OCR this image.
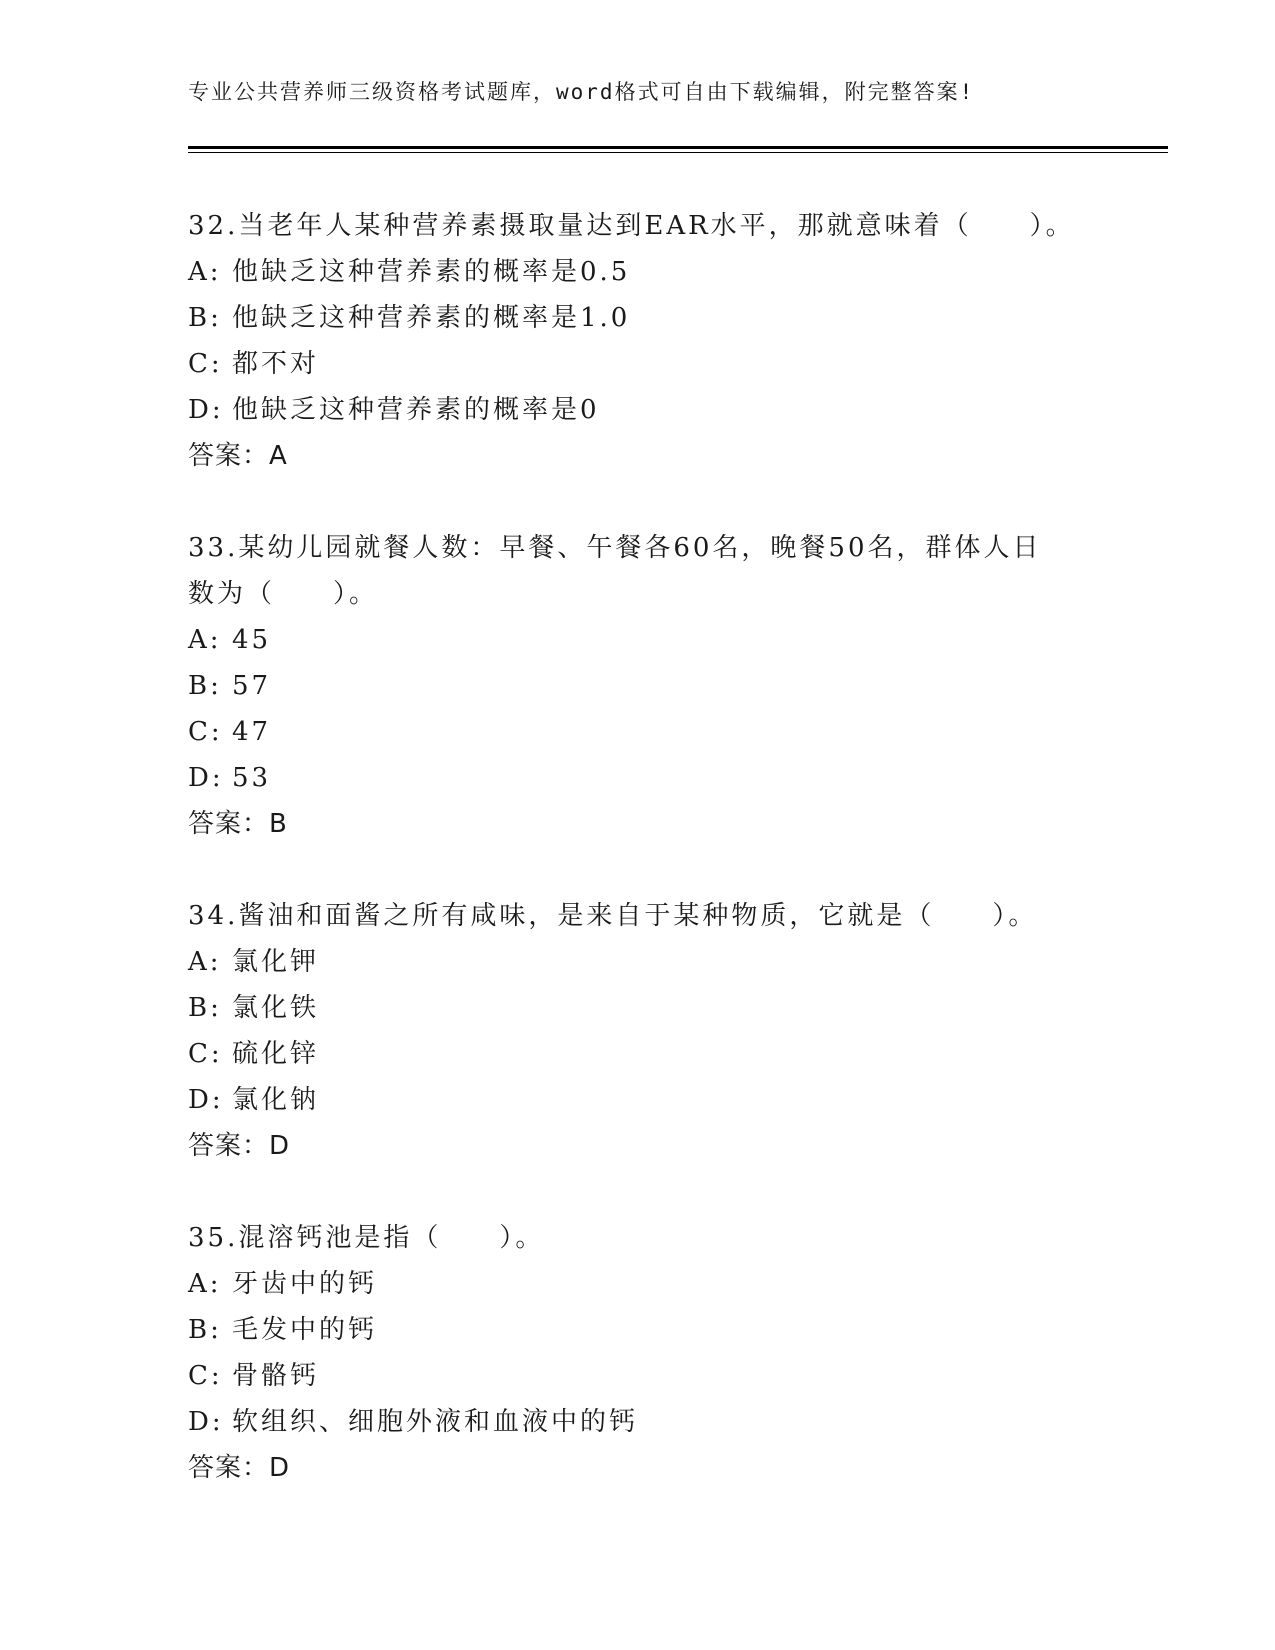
专业公共营养师三级资格考试题库，word格式可自由下载编辑，附完整答案!

32.当老年人某种营养素摄取量达到EAR水平，那就意味着（　　）。

A: 他缺乏这种营养素的概率是0.5

B: 他缺乏这种营养素的概率是1.0

C: 都不对

D: 他缺乏这种营养素的概率是0

答案：A

33.某幼儿园就餐人数：早餐、午餐各60名，晚餐50名，群体人日数为（　　）。

A: 45

B: 57

C: 47

D: 53

答案：B

34.酱油和面酱之所有咸味，是来自于某种物质，它就是（　　）。

A: 氯化钾

B: 氯化铁

C: 硫化锌

D: 氯化钠

答案：D

35.混溶钙池是指（　　）。

A: 牙齿中的钙

B: 毛发中的钙

C: 骨骼钙

D: 软组织、细胞外液和血液中的钙

答案：D
